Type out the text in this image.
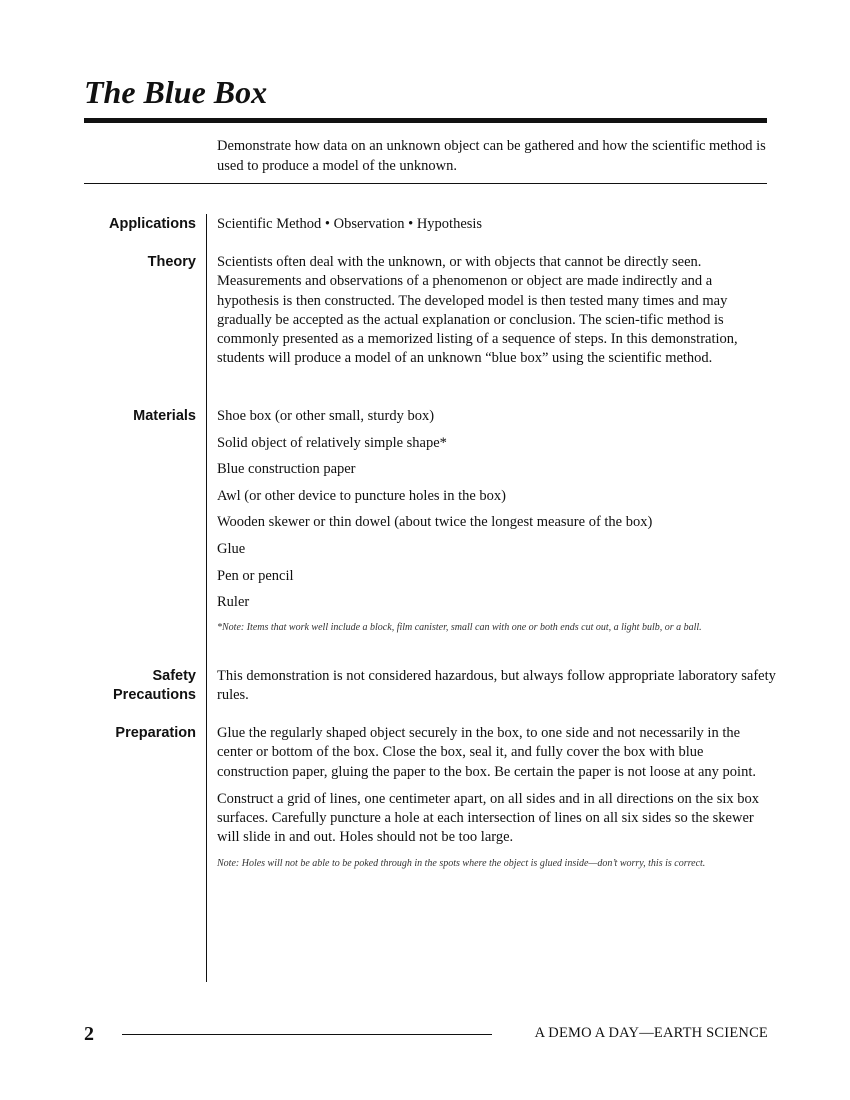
The Blue Box
Demonstrate how data on an unknown object can be gathered and how the scientific method is used to produce a model of the unknown.
Applications Scientific Method • Observation • Hypothesis
Theory Scientists often deal with the unknown, or with objects that cannot be directly seen. Measurements and observations of a phenomenon or object are made indirectly and a hypothesis is then constructed. The developed model is then tested many times and may gradually be accepted as the actual explanation or conclusion. The scien-tific method is commonly presented as a memorized listing of a sequence of steps. In this demonstration, students will produce a model of an unknown “blue box” using the scientific method.
Materials Shoe box (or other small, sturdy box)
Solid object of relatively simple shape*
Blue construction paper
Awl (or other device to puncture holes in the box)
Wooden skewer or thin dowel (about twice the longest measure of the box)
Glue
Pen or pencil
Ruler

*Note: Items that work well include a block, film canister, small can with one or both ends cut out, a light bulb, or a ball.

Safety
Precautions
This demonstration is not considered hazardous, but always follow appropriate laboratory safety rules.
Preparation Glue the regularly shaped object securely in the box, to one side and not necessarily in the center or bottom of the box. Close the box, seal it, and fully cover the box with blue construction paper, gluing the paper to the box. Be certain the paper is not loose at any point.

Construct a grid of lines, one centimeter apart, on all sides and in all directions on the six box surfaces. Carefully puncture a hole at each intersection of lines on all six sides so the skewer will slide in and out. Holes should not be too large.

Note: Holes will not be able to be poked through in the spots where the object is glued inside—don’t worry, this is correct.

2	A DEMO A DAY—EARTH SCIENCE
